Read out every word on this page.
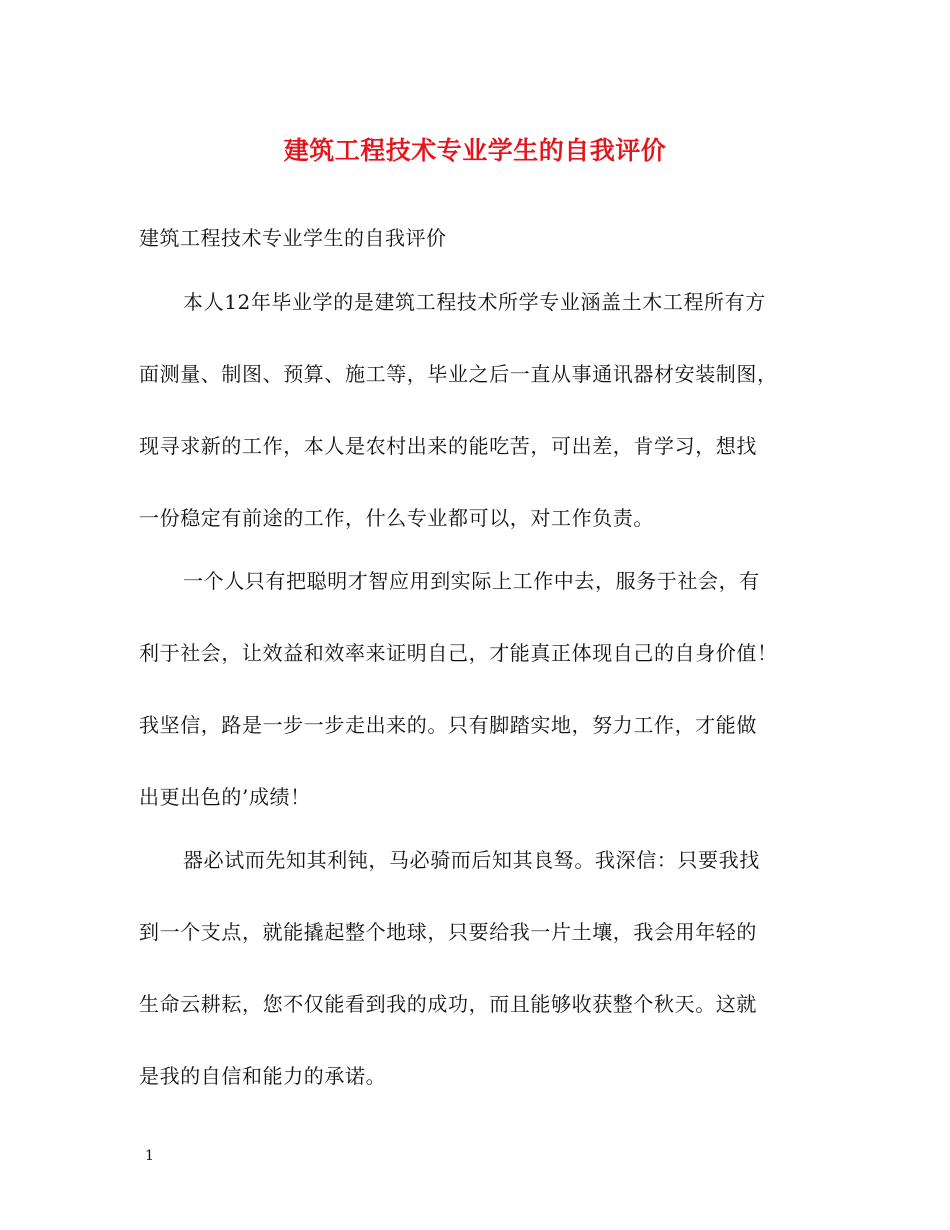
建筑工程技术专业学生的自我评价
建筑工程技术专业学生的自我评价
本人12年毕业学的是建筑工程技术所学专业涵盖土木工程所有方
面测量、制图、预算、施工等，毕业之后一直从事通讯器材安装制图，
现寻求新的工作，本人是农村出来的能吃苦，可出差，肯学习，想找
一份稳定有前途的工作，什么专业都可以，对工作负责。
一个人只有把聪明才智应用到实际上工作中去，服务于社会，有
利于社会，让效益和效率来证明自己，才能真正体现自己的自身价值！
我坚信，路是一步一步走出来的。只有脚踏实地，努力工作，才能做
出更出色的’成绩！
器必试而先知其利钝，马必骑而后知其良驽。我深信：只要我找
到一个支点，就能撬起整个地球，只要给我一片土壤，我会用年轻的
生命云耕耘，您不仅能看到我的成功，而且能够收获整个秋天。这就
是我的自信和能力的承诺。
1
